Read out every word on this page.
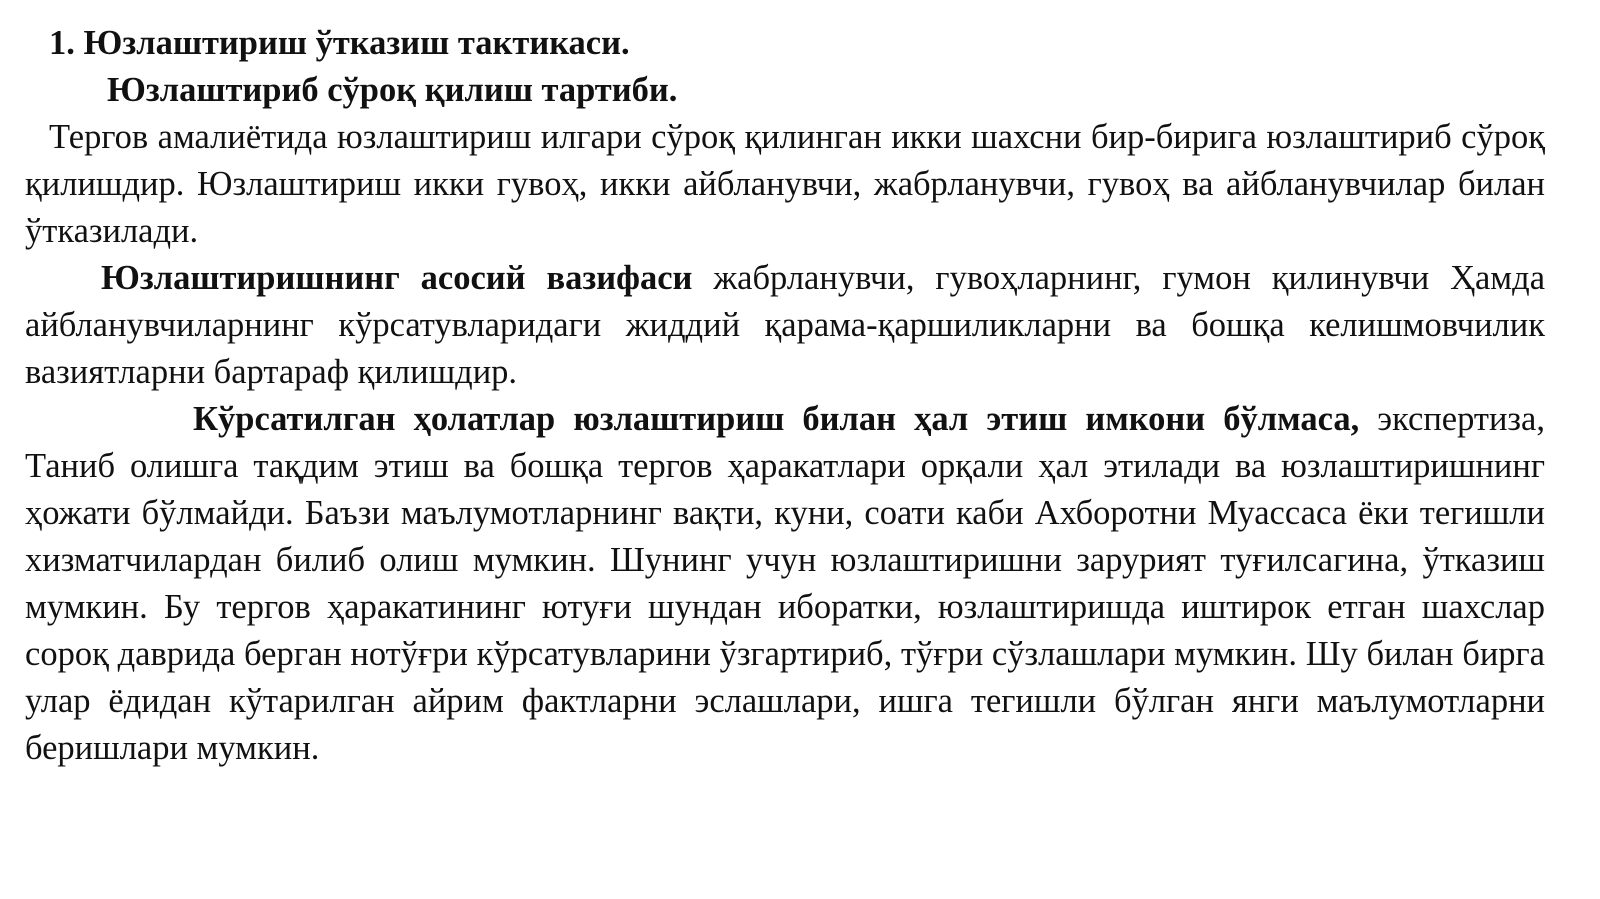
1. Юзлаштириш ўтказиш тактикаси.

Юзлаштириб сўроқ қилиш тартиби.

Тергов амалиётида юзлаштириш илгари сўроқ қилинган икки шахсни бир-бирига юзлаштириб сўроқ қилишдир. Юзлаштириш икки гувоҳ, икки айбланувчи, жабрланувчи, гувоҳ ва айбланувчилар билан ўтказилади.

Юзлаштиришнинг асосий вазифаси жабрланувчи, гувоҳларнинг, гумон қилинувчи Ҳамда айбланувчиларнинг кўрсатувларидаги жиддий қарама-қаршиликларни ва бошқа келишмовчилик вазиятларни бартараф қилишдир.

Кўрсатилган ҳолатлар юзлаштириш билан ҳал этиш имкони бўлмаса, экспертиза, Таниб олишга тақдим этиш ва бошқа тергов ҳаракатлари орқали ҳал этилади ва юзлаштиришнинг ҳожати бўлмайди. Баъзи маълумотларнинг вақти, куни, соати каби Ахборотни Муассаса ёки тегишли хизматчилардан билиб олиш мумкин. Шунинг учун юзлаштиришни зарурият туғилсагина, ўтказиш мумкин. Бу тергов ҳаракатининг ютуғи шундан иборатки, юзлаштиришда иштирок етган шахслар сороқ даврида берган нотўғри кўрсатувларини ўзгартириб, тўғри сўзлашлари мумкин. Шу билан бирга улар ёдидан кўтарилган айрим фактларни эслашлари, ишга тегишли бўлган янги маълумотларни беришлари мумкин.
